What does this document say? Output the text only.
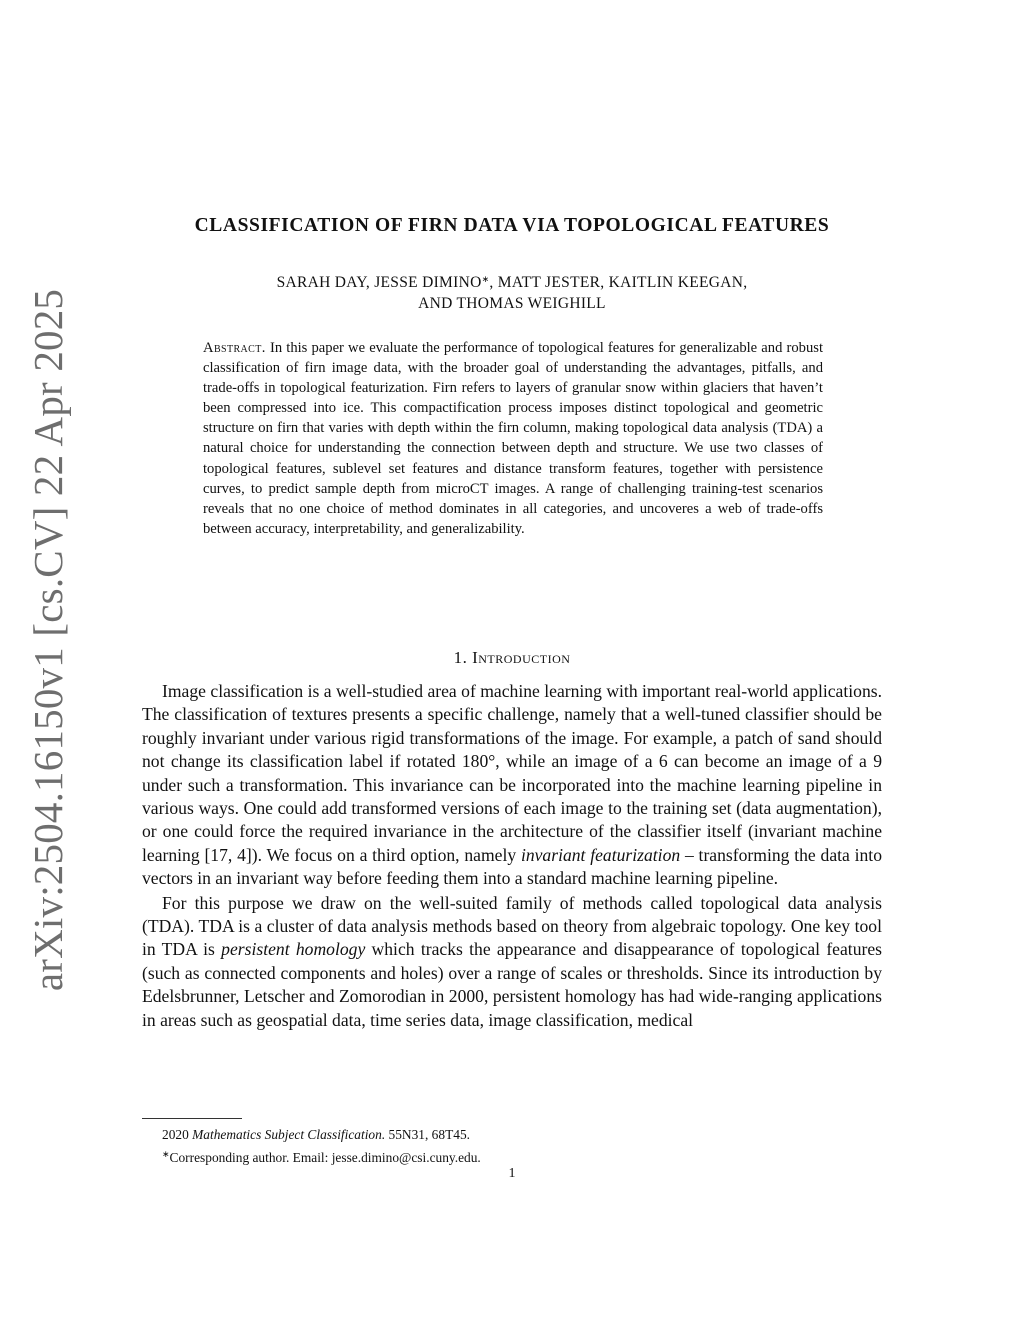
arXiv:2504.16150v1 [cs.CV] 22 Apr 2025
CLASSIFICATION OF FIRN DATA VIA TOPOLOGICAL FEATURES
SARAH DAY, JESSE DIMINO∗, MATT JESTER, KAITLIN KEEGAN,
AND THOMAS WEIGHILL
Abstract. In this paper we evaluate the performance of topological features for generalizable and robust classification of firn image data, with the broader goal of understanding the advantages, pitfalls, and trade-offs in topological featurization. Firn refers to layers of granular snow within glaciers that haven’t been compressed into ice. This compactification process imposes distinct topological and geometric structure on firn that varies with depth within the firn column, making topological data analysis (TDA) a natural choice for understanding the connection between depth and structure. We use two classes of topological features, sublevel set features and distance transform features, together with persistence curves, to predict sample depth from microCT images. A range of challenging training-test scenarios reveals that no one choice of method dominates in all categories, and uncoveres a web of trade-offs between accuracy, interpretability, and generalizability.
1. Introduction

Image classification is a well-studied area of machine learning with important real-world applications. The classification of textures presents a specific challenge, namely that a well-tuned classifier should be roughly invariant under various rigid transformations of the image. For example, a patch of sand should not change its classification label if rotated 180°, while an image of a 6 can become an image of a 9 under such a transformation. This invariance can be incorporated into the machine learning pipeline in various ways. One could add transformed versions of each image to the training set (data augmentation), or one could force the required invariance in the architecture of the classifier itself (invariant machine learning [17, 4]). We focus on a third option, namely invariant featurization – transforming the data into vectors in an invariant way before feeding them into a standard machine learning pipeline.

For this purpose we draw on the well-suited family of methods called topological data analysis (TDA). TDA is a cluster of data analysis methods based on theory from algebraic topology. One key tool in TDA is persistent homology which tracks the appearance and disappearance of topological features (such as connected components and holes) over a range of scales or thresholds. Since its introduction by Edelsbrunner, Letscher and Zomorodian in 2000, persistent homology has had wide-ranging applications in areas such as geospatial data, time series data, image classification, medical

2020 Mathematics Subject Classification. 55N31, 68T45.
∗Corresponding author. Email: jesse.dimino@csi.cuny.edu.
1
